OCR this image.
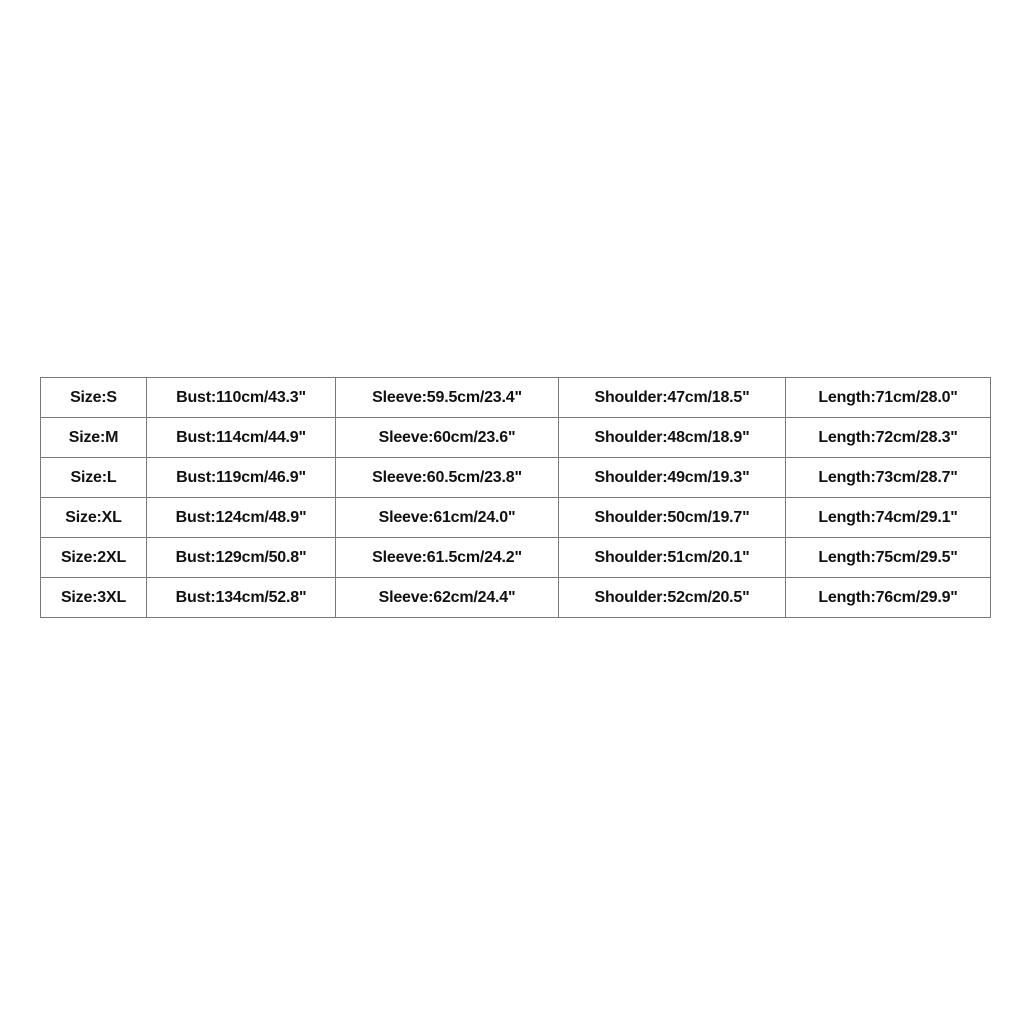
Size:S	Bust:110cm/43.3"	Sleeve:59.5cm/23.4"	Shoulder:47cm/18.5"	Length:71cm/28.0"
Size:M	Bust:114cm/44.9"	Sleeve:60cm/23.6"	Shoulder:48cm/18.9"	Length:72cm/28.3"
Size:L	Bust:119cm/46.9"	Sleeve:60.5cm/23.8"	Shoulder:49cm/19.3"	Length:73cm/28.7"
Size:XL	Bust:124cm/48.9"	Sleeve:61cm/24.0"	Shoulder:50cm/19.7"	Length:74cm/29.1"
Size:2XL	Bust:129cm/50.8"	Sleeve:61.5cm/24.2"	Shoulder:51cm/20.1"	Length:75cm/29.5"
Size:3XL	Bust:134cm/52.8"	Sleeve:62cm/24.4"	Shoulder:52cm/20.5"	Length:76cm/29.9"
